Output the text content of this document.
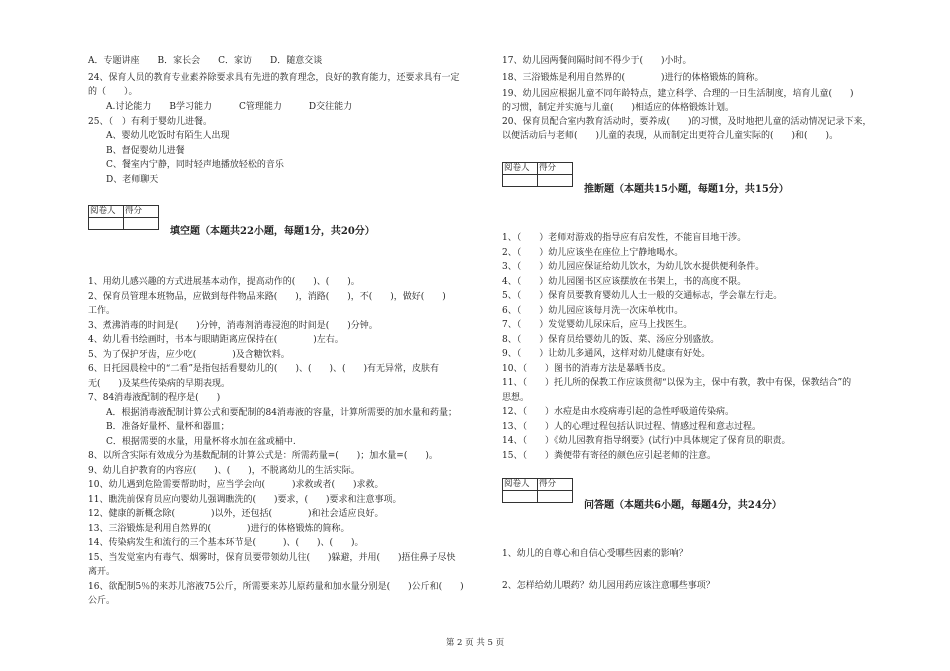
A．专题讲座　　B．家长会　　C．家访　　D．随意交谈
24、保育人员的教育专业素养除要求具有先进的教育理念，良好的教育能力，还要求具有一定
的（　　）。
　　A.讨论能力　　B学习能力　　　C管理能力　　　D交往能力
25、（　）有利于婴幼儿进餐。
　　A、婴幼儿吃饭时有陌生人出现
　　B、督促婴幼儿进餐
　　C、餐室内宁静，同时轻声地播放轻松的音乐
　　D、老师聊天
阅卷人	得分

填空题（本题共22小题，每题1分，共20分）
1、用幼儿感兴趣的方式进展基本动作，提高动作的(　　)、(　　)。
2、保育员管理本班物品，应做到每件物品来路(　　)，消路(　　)，不(　　)，做好(　　)
工作。
3、煮沸消毒的时间是(　　)分钟，消毒剂消毒浸泡的时间是(　　)分钟。
4、幼儿看书绘画时，书本与眼睛距离应保持在(　　　　)左右。
5、为了保护牙齿，应少吃(　　　　)及含糖饮料。
6、日托园晨检中的“二看”是指包括看婴幼儿的(　　)、(　　)、(　　)有无异常，皮肤有
无(　　)及某些传染病的早期表现。
7、84消毒液配制的程序是(　　)
　　A．根据消毒液配制计算公式和要配制的84消毒液的容量，计算所需要的加水量和药量；
　　B．准备好量杯、量杯和器皿；
　　C．根据需要的水量，用量杯将水加在盆或桶中.
8、以所含实际有效成分为基数配制的计算公式是：所需药量=(　　)；加水量=(　　)。
9、幼儿自护教育的内容应(　　)、(　　)，不脱离幼儿的生活实际。
10、幼儿遇到危险需要帮助时，应当学会向(　　　)求救或者(　　)求救。
11、瞧洗前保育员应向婴幼儿强调瞧洗的(　　)要求，(　　)要求和注意事项。
12、健康的新概念除(　　　　)以外，还包括(　　　　)和社会适应良好。
13、三浴锻炼是利用自然界的(　　　　)进行的体格锻炼的简称。
14、传染病发生和流行的三个基本环节是(　　　)、(　　)、(　　)。
15、当发觉室内有毒气、烟雾时，保育员要带领幼儿往(　　)躲避，并用(　　)捂住鼻子尽快
离开。
16、欲配制5％的来苏儿溶液75公斤，所需要来苏儿原药量和加水量分别是(　　)公斤和(　　)
公斤。
17、幼儿园两餐间隔时间不得少于(　　)小时。
18、三浴锻炼是利用自然界的(　　　　)进行的体格锻炼的简称。
19、幼儿园应根据儿童不同年龄特点，建立科学、合理的一日生活制度，培育儿童(　　)
的习惯，制定并实施与儿童(　　)相适应的体格锻炼计划。
20、保育员配合室内教育活动时，要养成(　　)的习惯，及时地把儿童的活动情况记录下来，
以便活动后与老师(　　)儿童的表现，从而制定出更符合儿童实际的(　　)和(　　)。
阅卷人	得分

推断题（本题共15小题，每题1分，共15分）
1、（　　）老师对游戏的指导应有启发性，不能盲目地干涉。
2、（　　）幼儿应该坐在座位上宁静地喝水。
3、（　　）幼儿园应保证给幼儿饮水，为幼儿饮水提供便利条件。
4、（　　）幼儿园图书区应该摆放在书架上，书的高度不限。
5、（　　）保育员要教育婴幼儿人士一般的交通标志，学会靠左行走。
6、（　　）幼儿园应该每月洗一次床单枕巾。
7、（　　）发觉婴幼儿尿床后，应马上找医生。
8、（　　）保育员给婴幼儿的饭、菜、汤应分别盛放。
9、（　　）让幼儿多通风，这样对幼儿健康有好处。
10、（　　）图书的消毒方法是暴晒书皮。
11、（　　）托儿所的保教工作应该贯彻“以保为主，保中有教，教中有保，保教结合”的
思想。
12、（　　）水痘是由水疫病毒引起的急性呼吸道传染病。
13、（　　）人的心理过程包括认识过程、情感过程和意志过程。
14、（　　）《幼儿园教育指导纲要》(试行)中具体规定了保育员的职责。
15、（　　）粪便带有寄径的颜色应引起老师的注意。
阅卷人	得分

问答题（本题共6小题，每题4分，共24分）
1、幼儿的自尊心和自信心受哪些因素的影响？
2、怎样给幼儿喂药？幼儿园用药应该注意哪些事项？
第 2 页 共 5 页
